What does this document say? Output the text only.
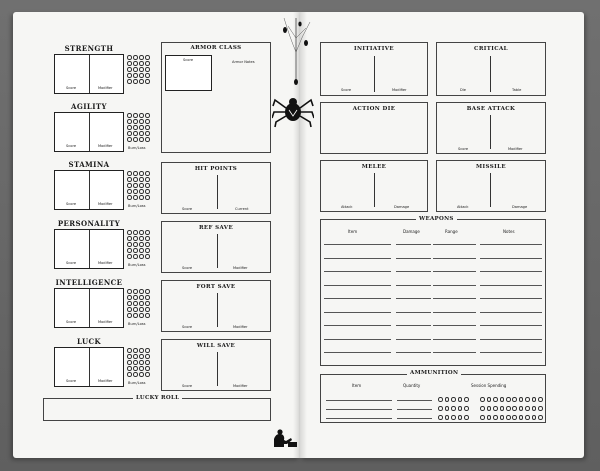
STRENGTH
Score	Modifier
AGILITY
Score	Modifier	Burn/Loss
STAMINA
Score	Modifier	Burn/Loss
PERSONALITY
Score	Modifier	Burn/Loss
INTELLIGENCE
Score	Modifier	Burn/Loss
LUCK
Score	Modifier	Burn/Loss
ARMOR CLASS
Score	Armor Notes
HIT POINTS
Score	Current
REF SAVE
Score	Modifier
FORT SAVE
Score	Modifier
WILL SAVE
Score	Modifier
LUCKY ROLL
INITIATIVE
Score	Modifier
CRITICAL
Die	Table
ACTION DIE	BASE ATTACK
Score	Modifier
MELEE
Attack	Damage
MISSILE
Attack	Damage
WEAPONS
Item	Damage	Range	Notes
AMMUNITION
Item	Quantity	Session Spending
